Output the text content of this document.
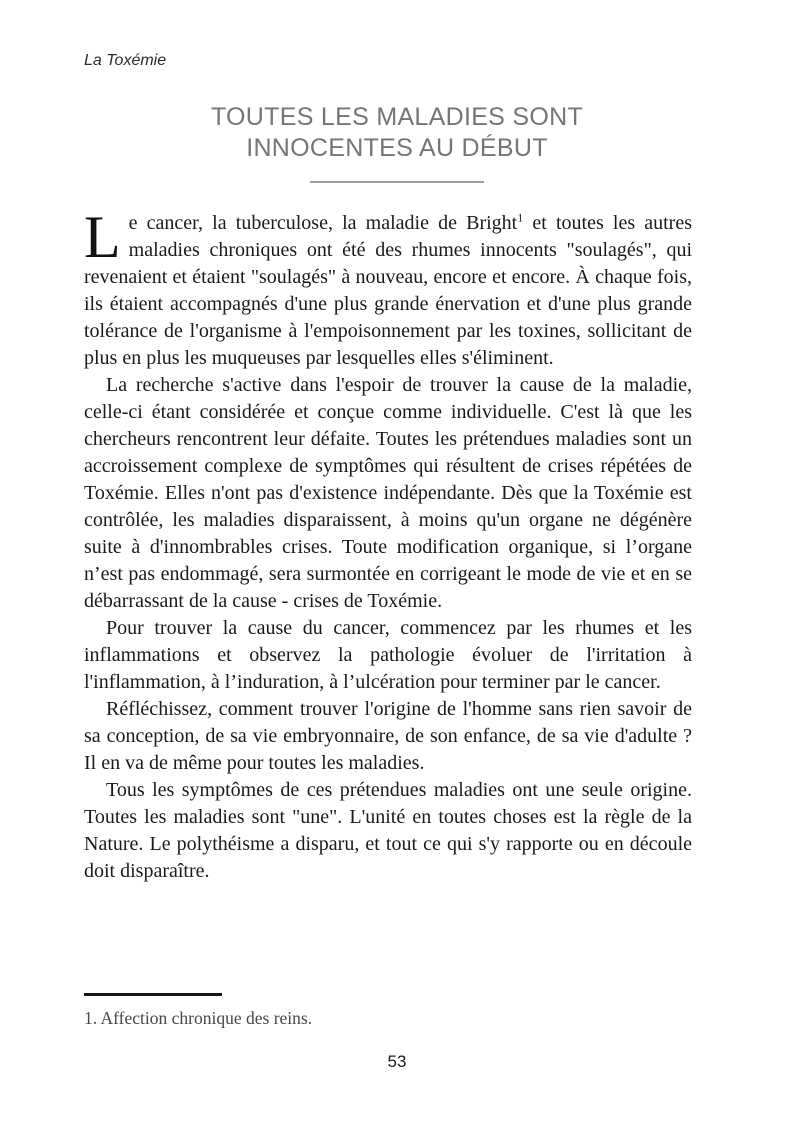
La Toxémie
TOUTES LES MALADIES SONT
INNOCENTES AU DÉBUT

Le cancer, la tuberculose, la maladie de Bright$^1$ et toutes les autres maladies chroniques ont été des rhumes innocents "soulagés", qui revenaient et étaient "soulagés" à nouveau, encore et encore. À chaque fois, ils étaient accompagnés d'une plus grande énervation et d'une plus grande tolérance de l'organisme à l'empoisonnement par les toxines, sollicitant de plus en plus les muqueuses par lesquelles elles s'éliminent.

La recherche s'active dans l'espoir de trouver la cause de la maladie, celle-ci étant considérée et conçue comme individuelle. C'est là que les chercheurs rencontrent leur défaite. Toutes les prétendues maladies sont un accroissement complexe de symptômes qui résultent de crises répétées de Toxémie. Elles n'ont pas d'existence indépendante. Dès que la Toxémie est contrôlée, les maladies disparaissent, à moins qu'un organe ne dégénère suite à d'innombrables crises. Toute modification organique, si l’organe n’est pas endommagé, sera surmontée en corrigeant le mode de vie et en se débarrassant de la cause - crises de Toxémie.

Pour trouver la cause du cancer, commencez par les rhumes et les inflammations et observez la pathologie évoluer de l'irritation à l'inflammation, à l’induration, à l’ulcération pour terminer par le cancer.

Réfléchissez, comment trouver l'origine de l'homme sans rien savoir de sa conception, de sa vie embryonnaire, de son enfance, de sa vie d'adulte ? Il en va de même pour toutes les maladies.

Tous les symptômes de ces prétendues maladies ont une seule origine. Toutes les maladies sont "une". L'unité en toutes choses est la règle de la Nature. Le polythéisme a disparu, et tout ce qui s'y rapporte ou en découle doit disparaître.

1. Affection chronique des reins.
53
